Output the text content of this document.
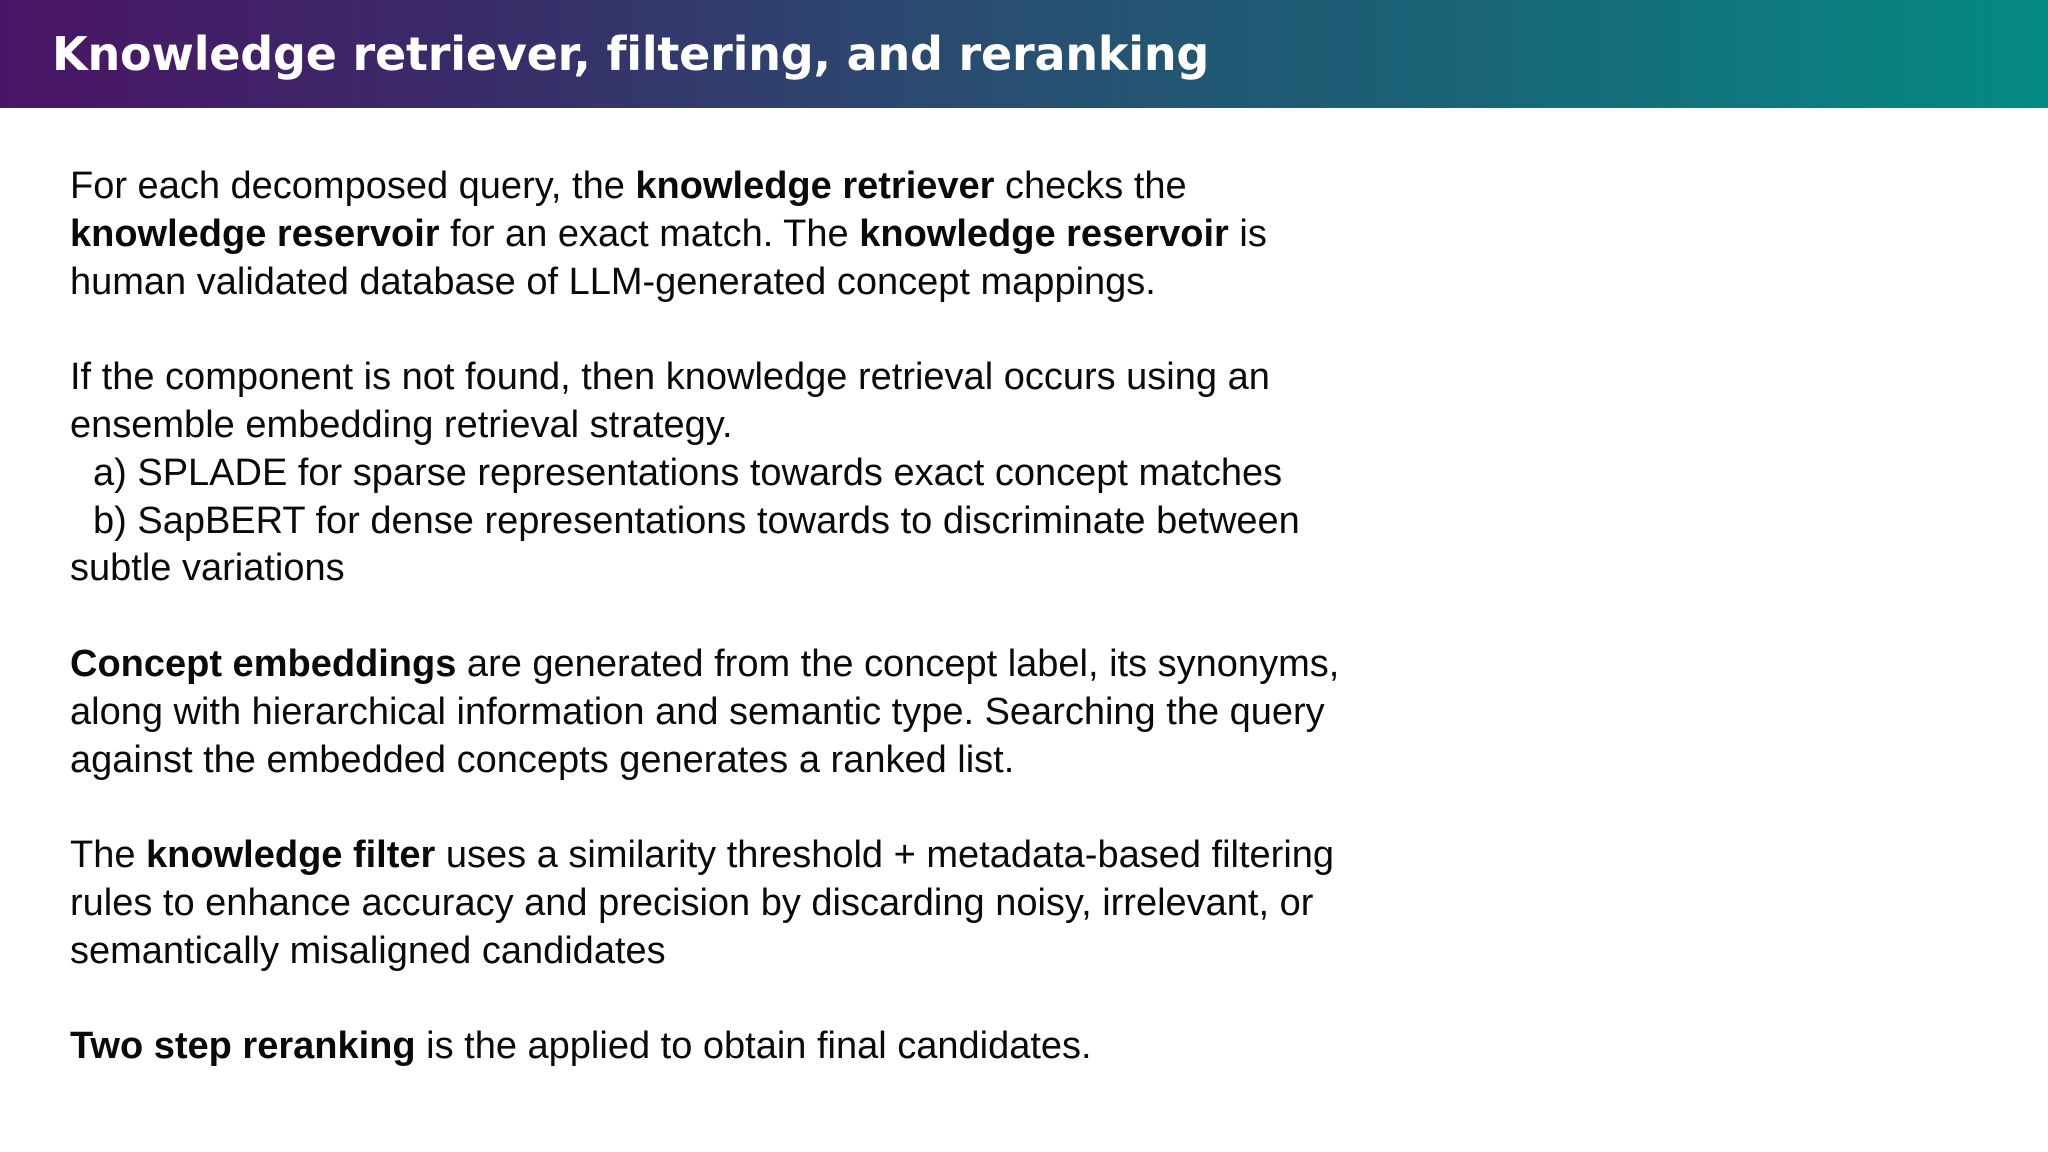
Knowledge retriever, filtering, and reranking

For each decomposed query, the knowledge retriever checks the
knowledge reservoir for an exact match. The knowledge reservoir is
human validated database of LLM-generated concept mappings.

If the component is not found, then knowledge retrieval occurs using an
ensemble embedding retrieval strategy.
a) SPLADE for sparse representations towards exact concept matches
b) SapBERT for dense representations towards to discriminate between
subtle variations

Concept embeddings are generated from the concept label, its synonyms,
along with hierarchical information and semantic type. Searching the query
against the embedded concepts generates a ranked list.

The knowledge filter uses a similarity threshold + metadata-based filtering
rules to enhance accuracy and precision by discarding noisy, irrelevant, or
semantically misaligned candidates

Two step reranking is the applied to obtain final candidates.
